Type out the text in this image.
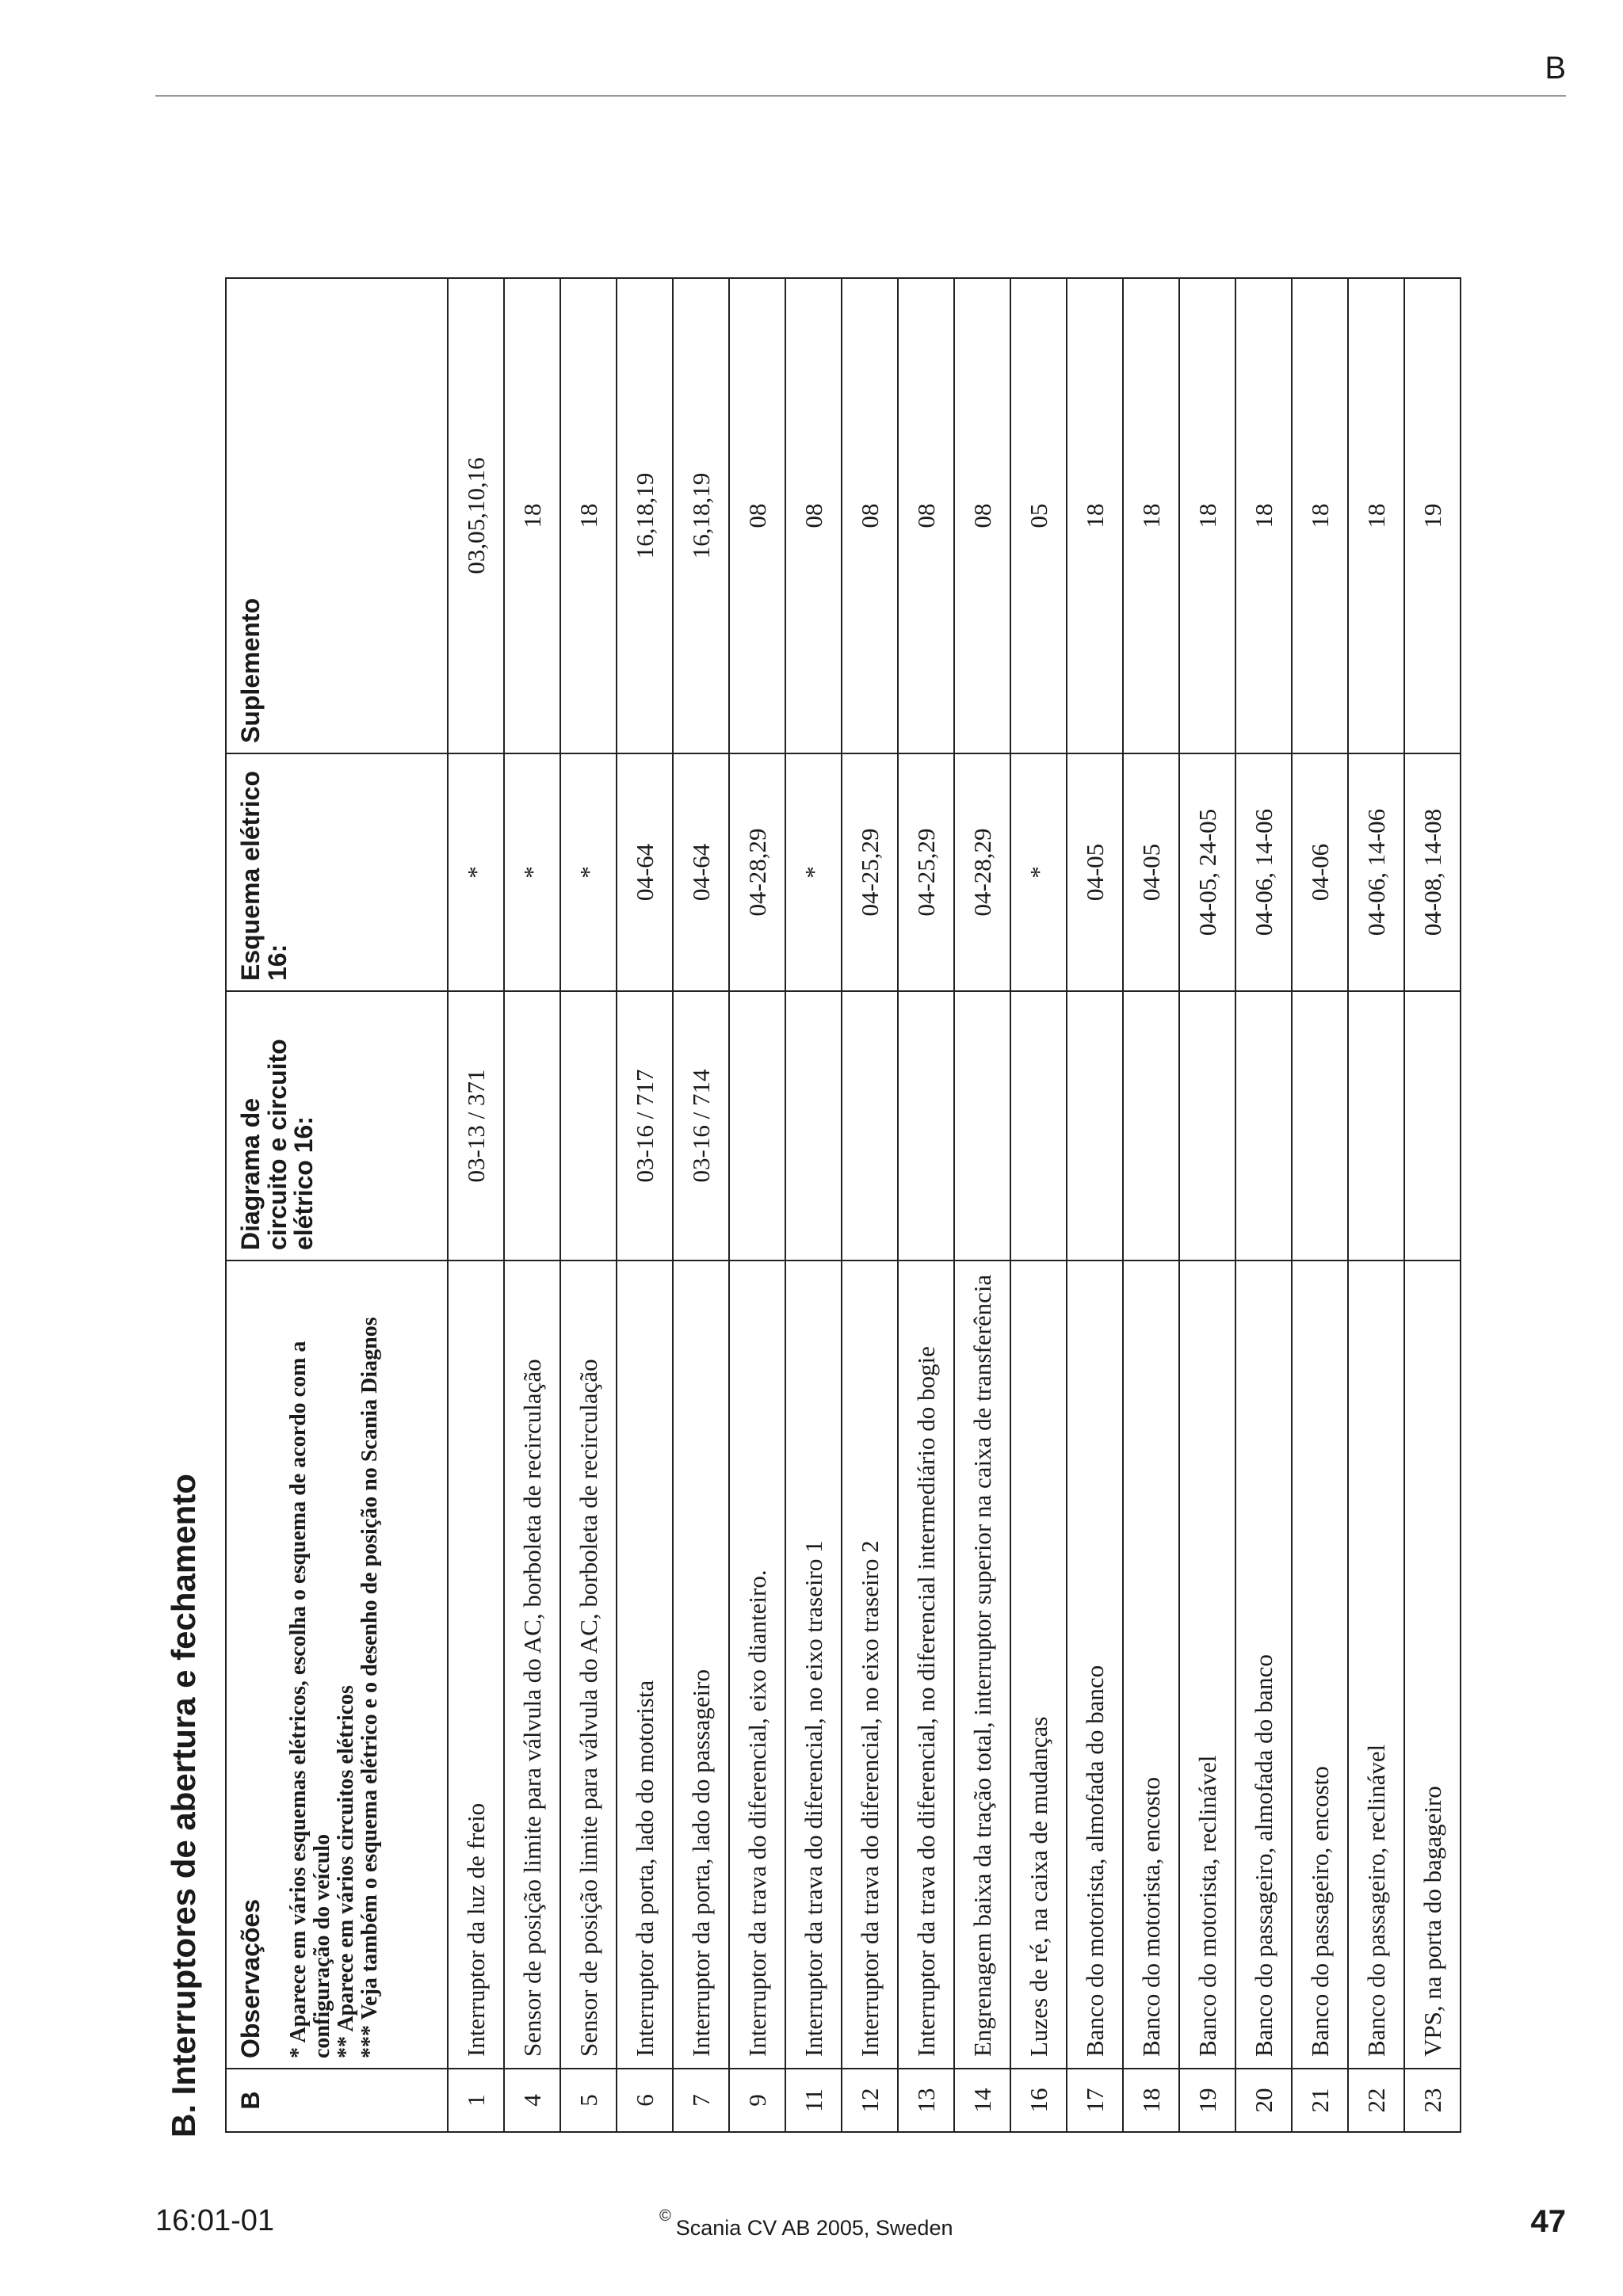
B
B. Interruptores de abertura e fechamento B	Observações * Aparece em vários esquemas elétricos, escolha o esquema de acordo com a configuração do veículo ** Aparece em vários circuitos elétricos *** Veja também o esquema elétrico e o desenho de posição no Scania Diagnos	Diagrama de circuito e circuito elétrico 16:	Esquema elétrico 16:	Suplemento
1	Interruptor da luz de freio	03-13 / 371	*	03,05,10,16
4	Sensor de posição limite para válvula do AC, borboleta de recirculação		*	18
5	Sensor de posição limite para válvula do AC, borboleta de recirculação		*	18
6	Interruptor da porta, lado do motorista	03-16 / 717	04-64	16,18,19
7	Interruptor da porta, lado do passageiro	03-16 / 714	04-64	16,18,19
9	Interruptor da trava do diferencial, eixo dianteiro.		04-28,29	08
11	Interruptor da trava do diferencial, no eixo traseiro 1		*	08
12	Interruptor da trava do diferencial, no eixo traseiro 2		04-25,29	08
13	Interruptor da trava do diferencial, no diferencial intermediário do bogie		04-25,29	08
14	Engrenagem baixa da tração total, interruptor superior na caixa de transferência		04-28,29	08
16	Luzes de ré, na caixa de mudanças		*	05
17	Banco do motorista, almofada do banco		04-05	18
18	Banco do motorista, encosto		04-05	18
19	Banco do motorista, reclinável		04-05, 24-05	18
20	Banco do passageiro, almofada do banco		04-06, 14-06	18
21	Banco do passageiro, encosto		04-06	18
22	Banco do passageiro, reclinável		04-06, 14-06	18
23	VPS, na porta do bagageiro		04-08, 14-08	19
16:01-01	© Scania CV AB 2005, Sweden	47
